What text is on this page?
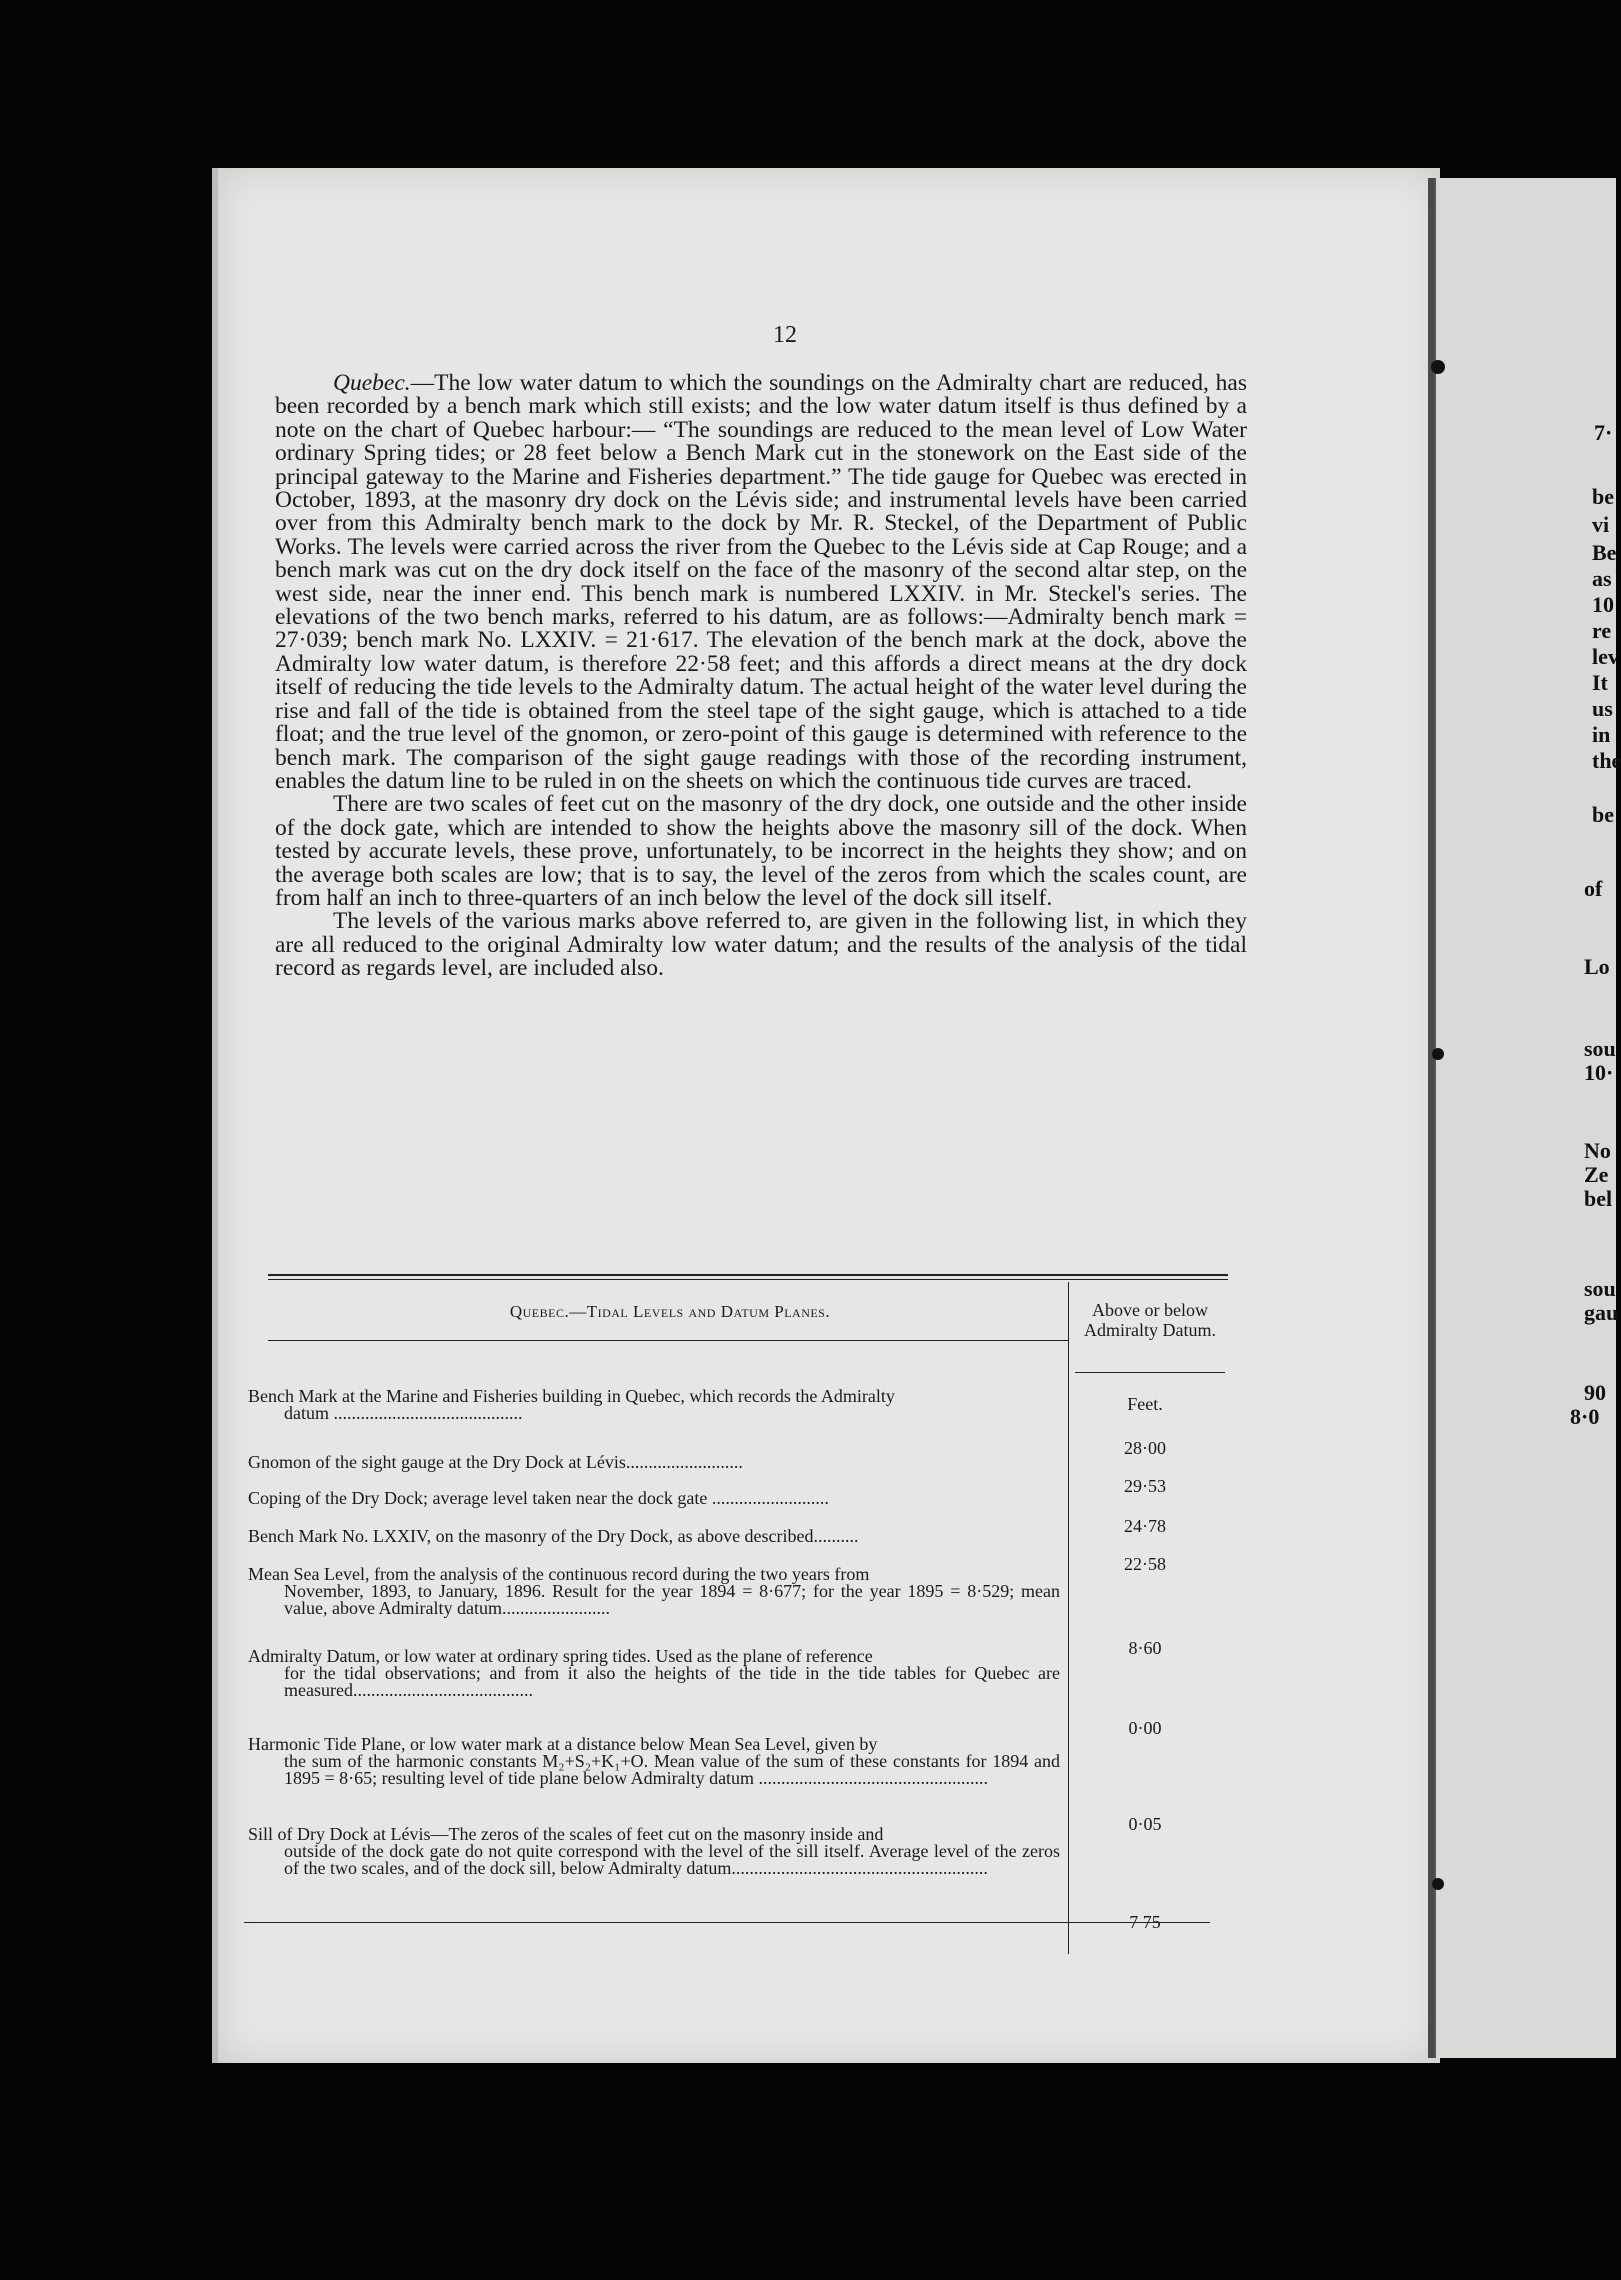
7·
be
vi
Be
as
10
re
lev
It
us
in
the
be
of
Lo
sou
10·
No
Ze
bel
sou
gau
90
8·0
12

Quebec.—The low water datum to which the soundings on the Admiralty chart are reduced, has been recorded by a bench mark which still exists; and the low water datum itself is thus defined by a note on the chart of Quebec harbour:— “The soundings are reduced to the mean level of Low Water ordinary Spring tides; or 28 feet below a Bench Mark cut in the stonework on the East side of the principal gateway to the Marine and Fisheries department.” The tide gauge for Quebec was erected in October, 1893, at the masonry dry dock on the Lévis side; and instrumental levels have been carried over from this Admiralty bench mark to the dock by Mr. R. Steckel, of the Department of Public Works. The levels were carried across the river from the Quebec to the Lévis side at Cap Rouge; and a bench mark was cut on the dry dock itself on the face of the masonry of the second altar step, on the west side, near the inner end. This bench mark is numbered LXXIV. in Mr. Steckel's series. The elevations of the two bench marks, referred to his datum, are as follows:—Admiralty bench mark = 27·039; bench mark No. LXXIV. = 21·617. The elevation of the bench mark at the dock, above the Admiralty low water datum, is therefore 22·58 feet; and this affords a direct means at the dry dock itself of reducing the tide levels to the Admiralty datum. The actual height of the water level during the rise and fall of the tide is obtained from the steel tape of the sight gauge, which is attached to a tide float; and the true level of the gnomon, or zero-point of this gauge is determined with reference to the bench mark. The comparison of the sight gauge readings with those of the recording instrument, enables the datum line to be ruled in on the sheets on which the continuous tide curves are traced.

There are two scales of feet cut on the masonry of the dry dock, one outside and the other inside of the dock gate, which are intended to show the heights above the masonry sill of the dock. When tested by accurate levels, these prove, unfortunately, to be incorrect in the heights they show; and on the average both scales are low; that is to say, the level of the zeros from which the scales count, are from half an inch to three-quarters of an inch below the level of the dock sill itself.

The levels of the various marks above referred to, are given in the following list, in which they are all reduced to the original Admiralty low water datum; and the results of the analysis of the tidal record as regards level, are included also.

Quebec.—Tidal Levels and Datum Planes.	Above or below Admiralty Datum.
Feet.
Bench Mark at the Marine and Fisheries building in Quebec, which records the Admiralty
datum ..........................................
28·00
Gnomon of the sight gauge at the Dry Dock at Lévis..........................
29·53
Coping of the Dry Dock; average level taken near the dock gate ..........................
24·78
Bench Mark No. LXXIV, on the masonry of the Dry Dock, as above described..........
22·58
Mean Sea Level, from the analysis of the continuous record during the two years from
November, 1893, to January, 1896. Result for the year 1894 = 8·677; for the year 1895 = 8·529; mean value, above Admiralty datum........................
8·60
Admiralty Datum, or low water at ordinary spring tides. Used as the plane of reference
for the tidal observations; and from it also the heights of the tide in the tide tables for Quebec are measured........................................
0·00
Harmonic Tide Plane, or low water mark at a distance below Mean Sea Level, given by
the sum of the harmonic constants M₂+S₂+K₁+O. Mean value of the sum of these constants for 1894 and 1895 = 8·65; resulting level of tide plane below Admiralty datum ...................................................
0·05
Sill of Dry Dock at Lévis—The zeros of the scales of feet cut on the masonry inside and
outside of the dock gate do not quite correspond with the level of the sill itself. Average level of the zeros of the two scales, and of the dock sill, below Admiralty datum.........................................................
7 75
